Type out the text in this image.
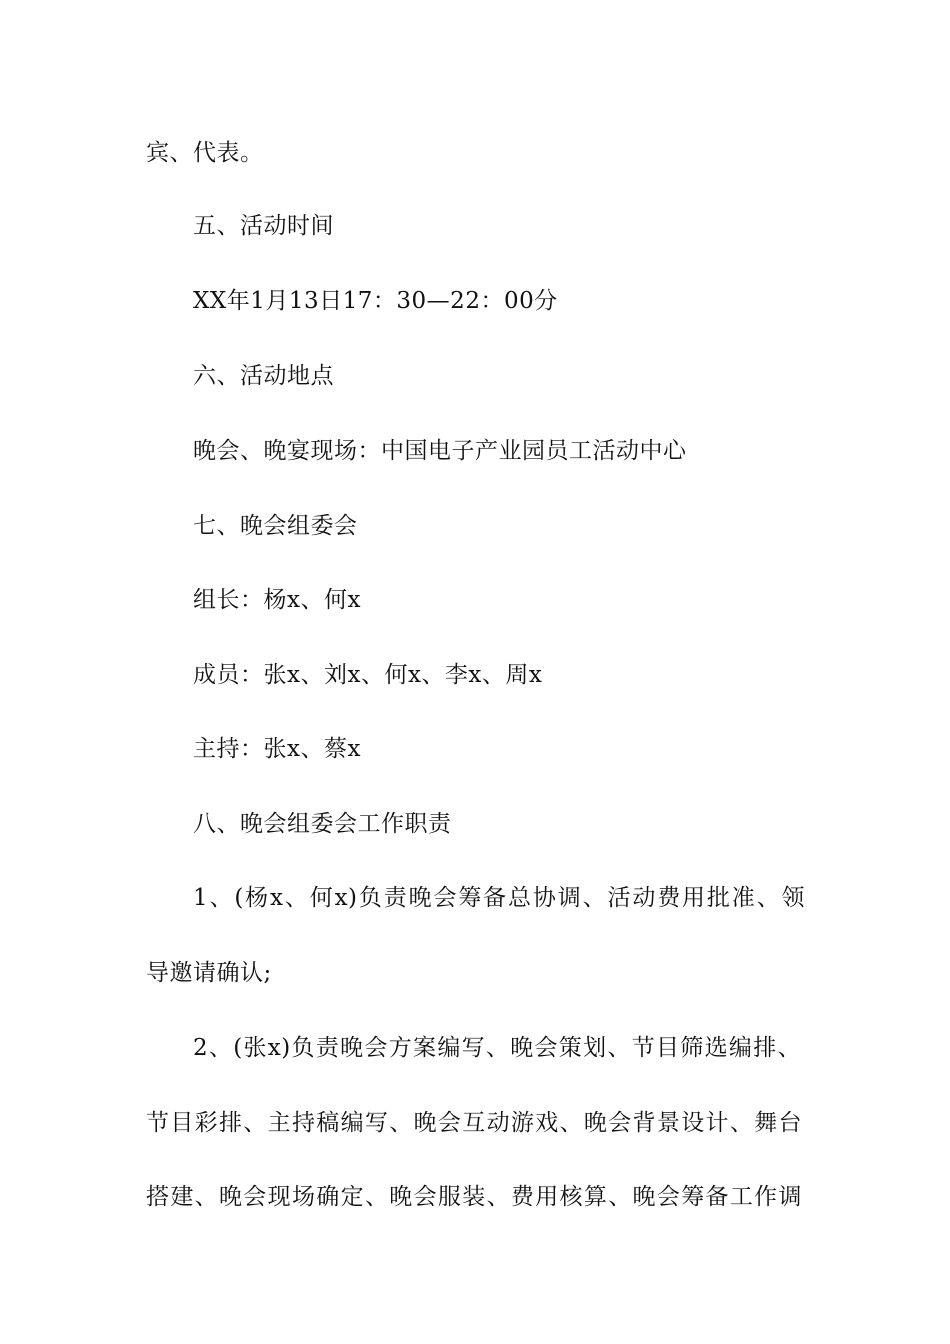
宾、代表。
五、活动时间
XX年1月13日17：30—22：00分
六、活动地点
晚会、晚宴现场：中国电子产业园员工活动中心
七、晚会组委会
组长：杨x、何x
成员：张x、刘x、何x、李x、周x
主持：张x、蔡x
八、晚会组委会工作职责
1、(杨x、何x)负责晚会筹备总协调、活动费用批准、领
导邀请确认;
2、(张x)负责晚会方案编写、晚会策划、节目筛选编排、
节目彩排、主持稿编写、晚会互动游戏、晚会背景设计、舞台
搭建、晚会现场确定、晚会服装、费用核算、晚会筹备工作调
